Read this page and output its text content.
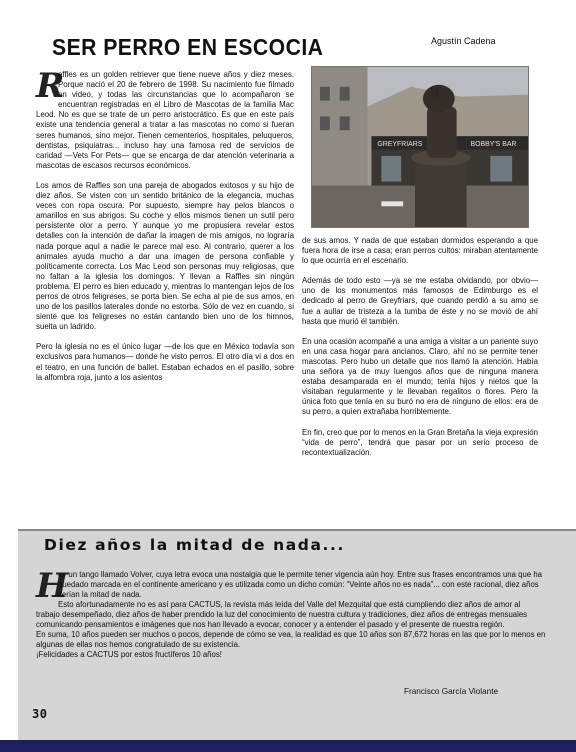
SER PERRO EN ESCOCIA	Agustín Cadena

R
affles es un golden retriever que tiene nueve años y diez meses. Porque nació el 20 de febrero de 1998. Su nacimiento fue filmado en video, y todas las circunstancias que lo acompañaron se encuentran registradas en el Libro de Mascotas de la familia Mac Leod. No es que se trate de un perro aristocrático. Es que en este país existe una tendencia general a tratar a las mascotas no como si fueran seres humanos, sino mejor. Tienen cementerios, hospitales, peluqueros, dentistas, psiquiatras... incluso hay una famosa red de servicios de caridad —Vets For Pets— que se encarga de dar atención veterinaria a mascotas de escasos recursos económicos.

Los amos de Raffles son una pareja de abogados exitosos y su hijo de diez años. Se visten con un sentido británico de la elegancia, muchas veces con ropa oscura. Por supuesto, siempre hay pelos blancos o amarillos en sus abrigos. Su coche y ellos mismos tienen un sutil pero persistente olor a perro. Y aunque yo me propusiera revelar estos detalles con la intención de dañar la imagen de mis amigos, no lograría nada porque aquí a nadie le parece mal eso. Al contrario, querer a los animales ayuda mucho a dar una imagen de persona confiable y políticamente correcta. Los Mac Leod son personas muy religiosas, que no faltan a la iglesia los domingos. Y llevan a Raffles sin ningún problema. El perro es bien educado y, mientras lo mantengan lejos de los perros de otros feligreses, se porta bien. Se echa al pie de sus amos, en uno de los pasillos laterales donde no estorba. Sólo de vez en cuando, si siente que los feligreses no están cantando bien uno de los himnos, suelta un ladrido.

Pero la iglesia no es el único lugar —de los que en México todavía son exclusivos para humanos— donde he visto perros. El otro día vi a dos en el teatro, en una función de ballet. Estaban echados en el pasillo, sobre la alfombra roja, junto a los asientos

GREYFRIARS	BOBBY'S BAR

de sus amos. Y nada de que estaban dormidos esperando a que fuera hora de irse a casa; eran perros cultos: miraban atentamente lo que ocurría en el escenario.

Además de todo esto —ya se me estaba olvidando, por obvio— uno de los monumentos más famosos de Edimburgo es el dedicado al perro de Greyfriars, que cuando perdió a su amo se fue a aullar de tristeza a la tumba de éste y no se movió de ahí hasta que murió él también.

En una ocasión acompañé a una amiga a visitar a un pariente suyo en una casa hogar para ancianos. Claro, ahí no se permite tener mascotas. Pero hubo un detalle que nos llamó la atención. Había una señora ya de muy luengos años que de ninguna manera estaba desamparada en el mundo; tenía hijos y nietos que la visitaban regularmente y le llevaban regalitos o flores. Pero la única foto que tenía en su buró no era de ninguno de ellos: era de su perro, a quien extrañaba horriblemente.

En fin, creo que por lo menos en la Gran Bretaña la vieja expresión “vida de perro”, tendrá que pasar por un serio proceso de recontextualización.

Diez años la mitad de nada...
H
ay un tango llamado Volver, cuya letra evoca una nostalgia que le permite tener vigencia aún hoy. Entre sus frases encontramos una que ha quedado marcada en el continente americano y es utilizada como un dicho común: “Veinte años no es nada”... con este racional, diez años serían la mitad de nada.
Esto afortunadamente no es así para CACTUS, la revista más leída del Valle del Mezquital que está cumpliendo diez años de amor al trabajo desempeñado, diez años de haber prendido la luz del conocimiento de nuestra cultura y tradiciones, diez años de entregas mensuales comunicando pensamientos e imágenes que nos han llevado a evocar, conocer y a entender el pasado y el presente de nuestra región.
En suma, 10 años pueden ser muchos o pocos, depende de cómo se vea, la realidad es que 10 años son 87,672 horas en las que por lo menos en algunas de ellas nos hemos congratulado de su existencia.
¡Felicidades a CACTUS por estos fructíferos 10 años!
Francisco García Violante
30
